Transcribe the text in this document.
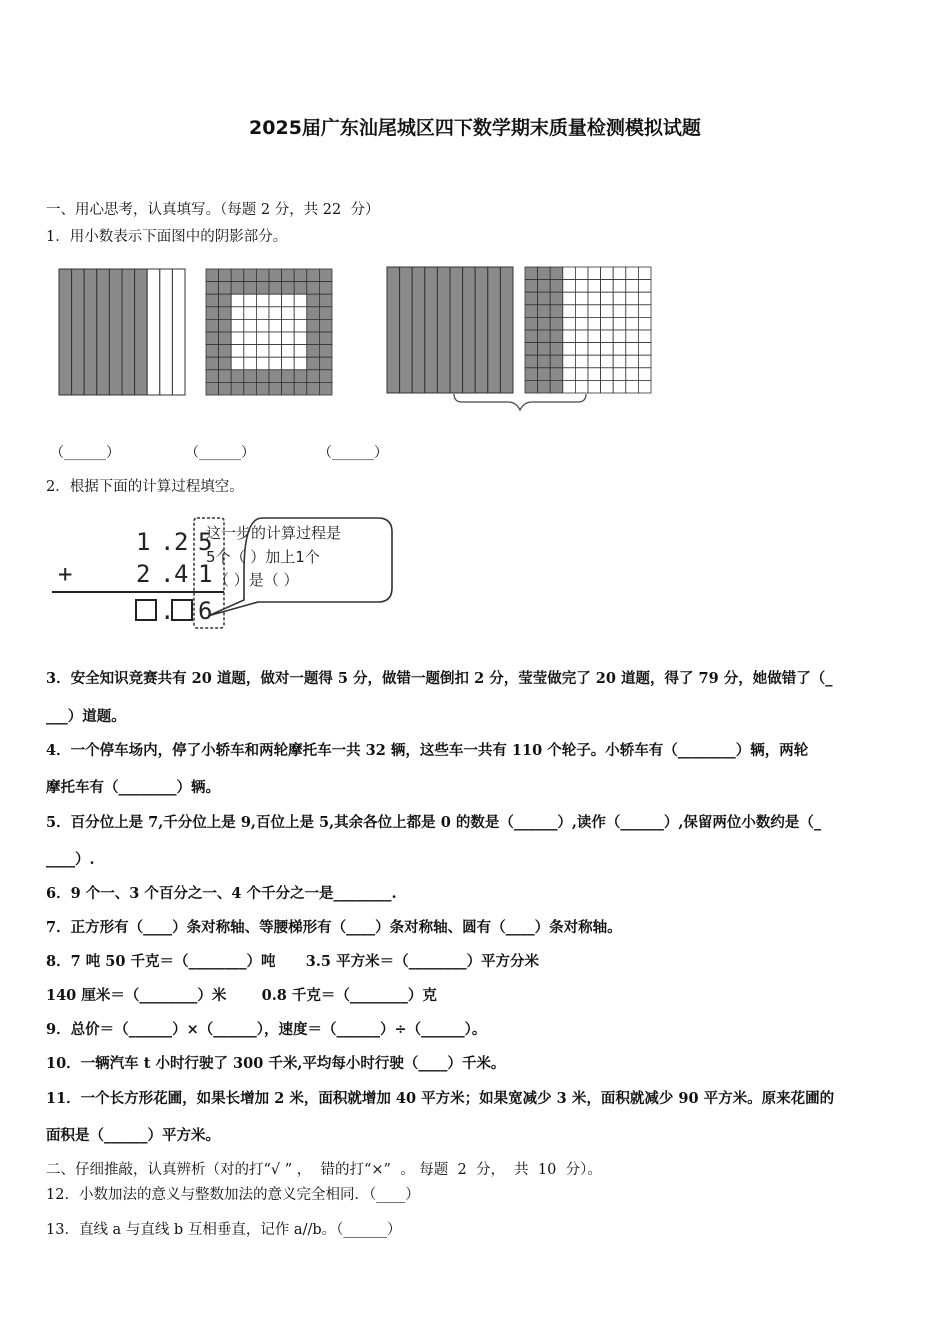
2025届广东汕尾城区四下数学期末质量检测模拟试题
一、用心思考，认真填写。（每题 2 分，共 22  分）
1．用小数表示下面图中的阴影部分。
（______）	（______）	（______）
2．根据下面的计算过程填空。
1 . 2 5
+	2 . 4 1
6
.
这一步的计算过程是
5个（ ）加上1个
（ ）是（ ）
3．安全知识竞赛共有 20 道题，做对一题得 5 分，做错一题倒扣 2 分，莹莹做完了 20 道题，得了 79 分，她做错了（_
___）道题。
4．一个停车场内，停了小轿车和两轮摩托车一共 32 辆，这些车一共有 110 个轮子。小轿车有（________）辆，两轮
摩托车有（________）辆。
5．百分位上是 7,千分位上是 9,百位上是 5,其余各位上都是 0 的数是（______）,读作（______）,保留两位小数约是（_
____）.
6．9 个一、3 个百分之一、4 个千分之一是________.
7．正方形有（____）条对称轴、等腰梯形有（____）条对称轴、圆有（____）条对称轴。
8．7 吨 50 千克＝（________）吨      3.5 平方米＝（________）平方分米
140 厘米＝（________）米       0.8 千克＝（________）克
9．总价＝（______）×（______），速度＝（______）÷（______）。
10．一辆汽车 t 小时行驶了 300 千米,平均每小时行驶（____）千米。
11．一个长方形花圃，如果长增加 2 米，面积就增加 40 平方米；如果宽减少 3 米，面积就减少 90 平方米。原来花圃的
面积是（______）平方米。
二、仔细推敲，认真辨析（对的打“√ ” ，  错的打“×”  。 每题  2  分，  共  10  分）。
12．小数加法的意义与整数加法的意义完全相同．（____）
13．直线 a 与直线 b 互相垂直，记作 a//b。（______）
